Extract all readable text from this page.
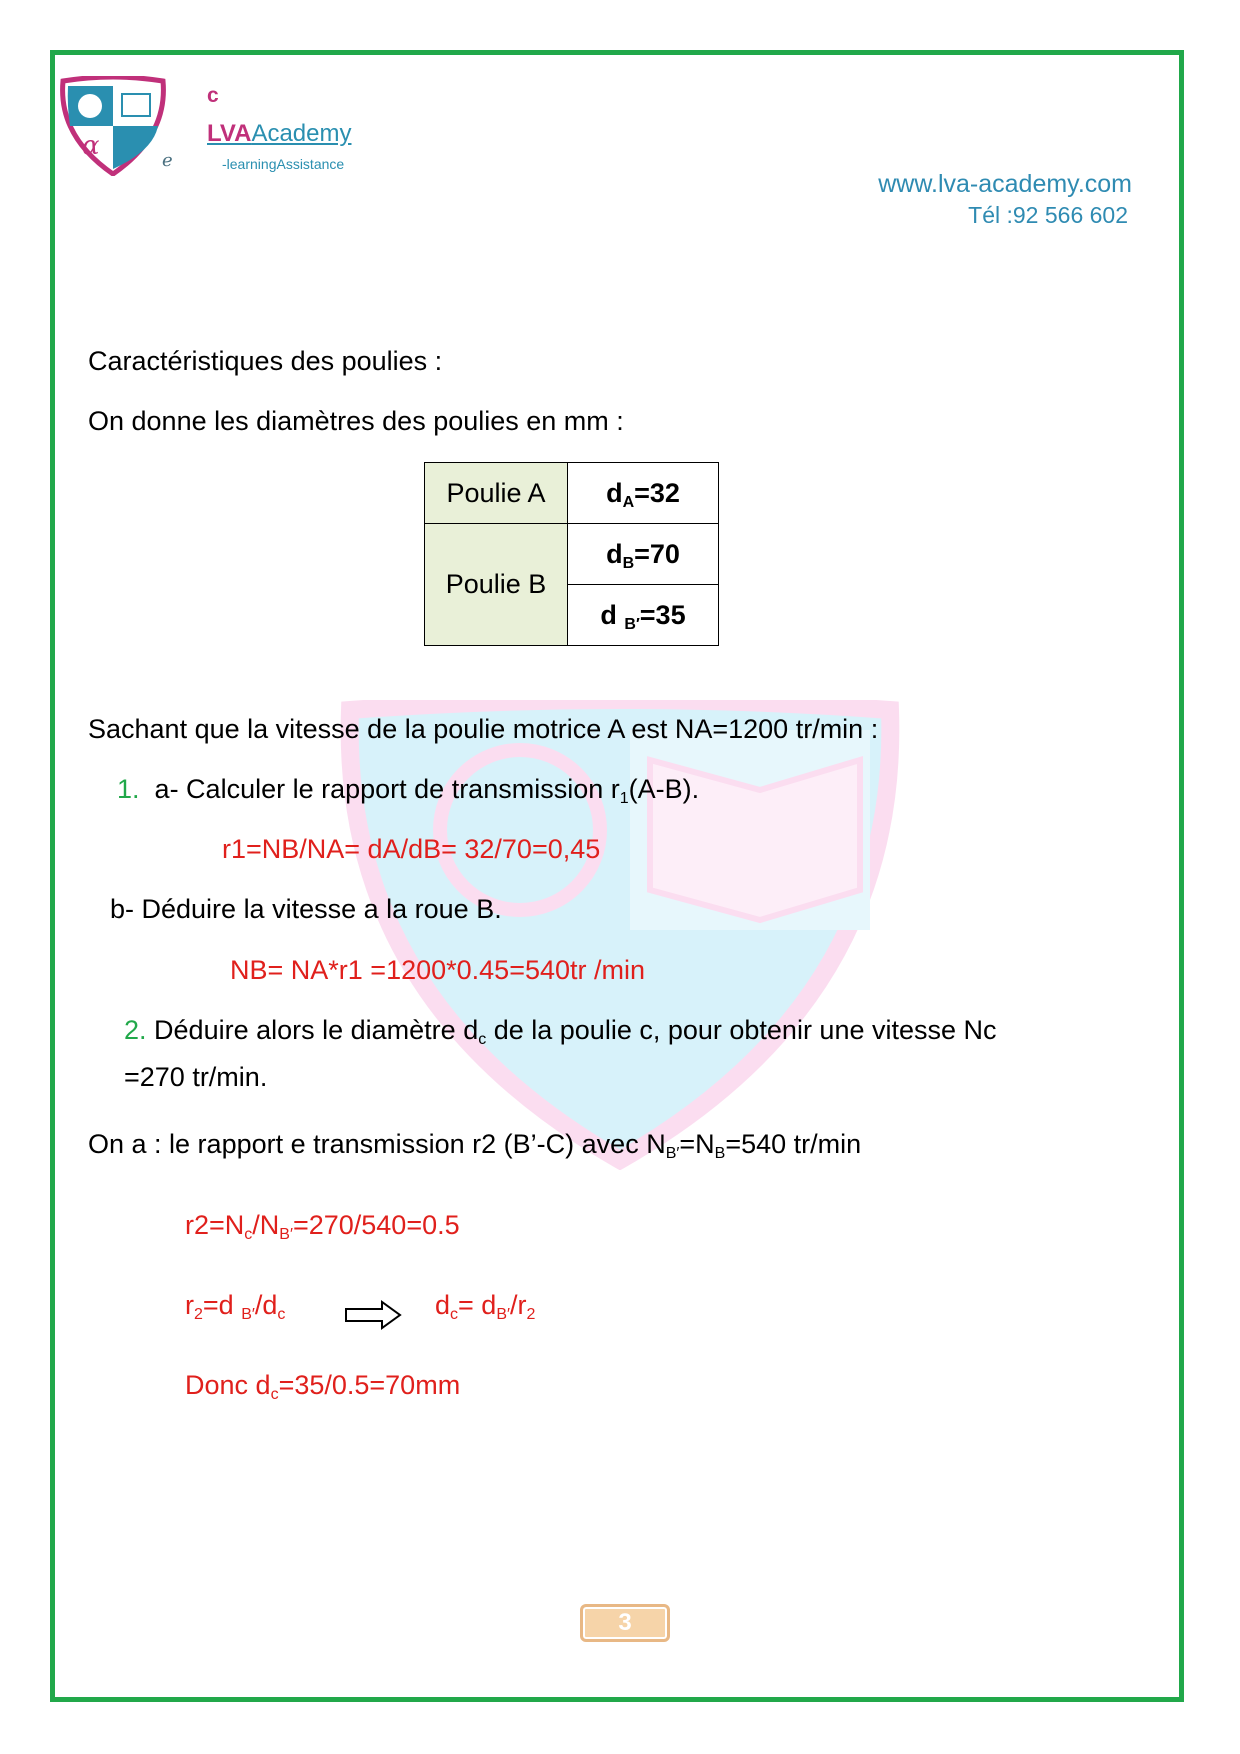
α
c
LVAAcademy
e	-learningAssistance
www.lva-academy.com
Tél :92 566 602
Caractéristiques des poulies :
On donne les diamètres des poulies en mm :
Poulie A	$d_A=32$
Poulie B	$d_B=70$
	d $_{B'}$=35
Sachant que la vitesse de la poulie motrice A est NA=1200 tr/min :
1. a- Calculer le rapport de transmission $r_1(A-B)$.
r1=NB/NA= dA/dB= 32/70=0,45
b- Déduire la vitesse a la roue B.
NB= NA*r1 =1200*0.45=540tr /min
2. Déduire alors le diamètre $d_c$ de la poulie c, pour obtenir une vitesse Nc
=270 tr/min.
On a : le rapport e transmission r2 (B’-C) avec $N_{B'}=N_B=540$ tr/min
$r2=N_c/N_{B'}=270/540=0.5$
$r_2=d$ $_{B'}/d_c$	$d_c= d_{B'}/r_2$
Donc $d_c=35/0.5=70mm$
3
